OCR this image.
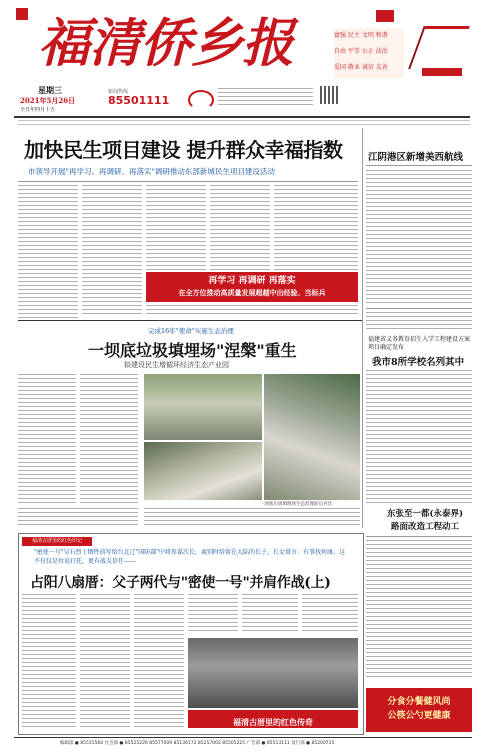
福清侨乡报
星期三
2021年5月26日
辛丑年四月十五
新闻热线
85501111
富强 民主 文明 和谐
自由 平等 公正 法治
爱国 敬业 诚信 友善
加快民生项目建设 提升群众幸福指数
市领导开展"再学习、再调研、再落实"调研推动东部新城民生项目建设活动
再学习 再调研 再落实
在全方位推动高质量发展超越中出经验、当标兵
江阴港区新增美西航线
完成16年"使命"实施生态治理
一坝底垃圾填埋场"涅槃"重生
拟建设民生增循环经济生态产业园
一坝底垃圾填埋场生态治理前后对比
福建省义务教育招生入学工程建设方案项目确定发布
我市8所学校名列其中
东张至一都(永泰界)路面改造工程动工
福清古厝里的红色印记
"密使一号"吴石烈士牺牲前写给台北辽"国防部"中将参谋次长，离别时给留在大陆的长子，长女留言：有事找何康。这不仅仅是位说打托，更有战友信任——
占阳八扇厝：父子两代与"密使一号"并肩作战(上)
福清古厝里的红色传奇
分食分餐健风尚
公筷公勺更健康
编辑部 ● 85515560 社会部 ● 85525226 85577009 85136172 85257002 85505225 广告部 ● 85513111 发行部 ● 85200715
